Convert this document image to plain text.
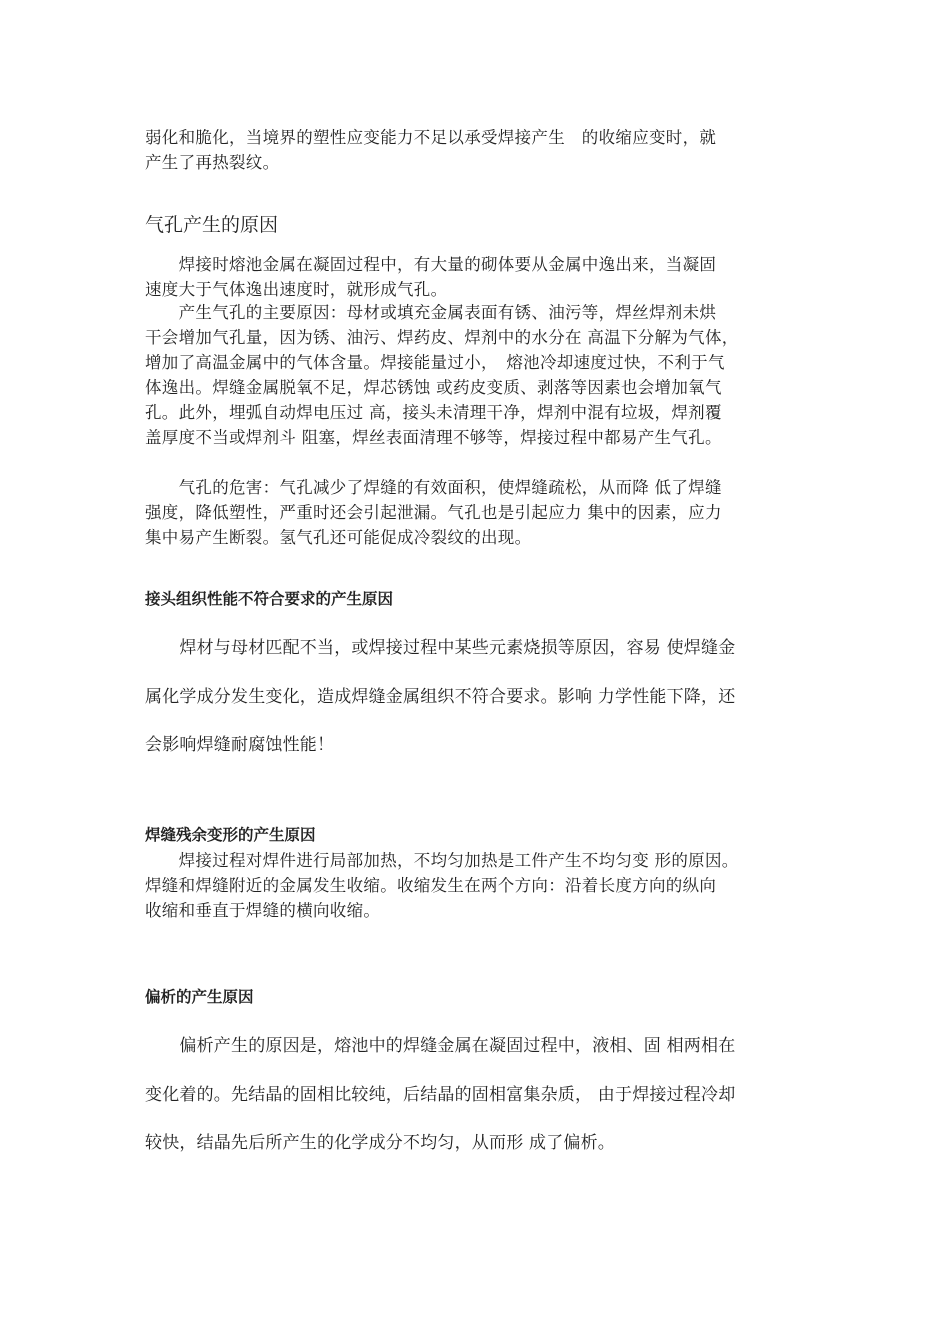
弱化和脆化，当境界的塑性应变能力不足以承受焊接产生　的收缩应变时，就
产生了再热裂纹。

气孔产生的原因

　　焊接时熔池金属在凝固过程中，有大量的砌体要从金属中逸出来，当凝固
速度大于气体逸出速度时，就形成气孔。

　　产生气孔的主要原因：母材或填充金属表面有锈、油污等，焊丝焊剂未烘
干会增加气孔量，因为锈、油污、焊药皮、焊剂中的水分在 高温下分解为气体，
增加了高温金属中的气体含量。焊接能量过小，　熔池冷却速度过快，不利于气
体逸出。焊缝金属脱氧不足，焊芯锈蚀 或药皮变质、剥落等因素也会增加氧气
孔。此外，埋弧自动焊电压过 高，接头未清理干净，焊剂中混有垃圾，焊剂覆
盖厚度不当或焊剂斗 阻塞，焊丝表面清理不够等，焊接过程中都易产生气孔。

　　气孔的危害：气孔减少了焊缝的有效面积，使焊缝疏松，从而降 低了焊缝
强度，降低塑性，严重时还会引起泄漏。气孔也是引起应力 集中的因素，应力
集中易产生断裂。氢气孔还可能促成冷裂纹的出现。

接头组织性能不符合要求的产生原因

　　焊材与母材匹配不当，或焊接过程中某些元素烧损等原因，容易 使焊缝金
属化学成分发生变化，造成焊缝金属组织不符合要求。影响 力学性能下降，还
会影响焊缝耐腐蚀性能！

焊缝残余变形的产生原因

　　焊接过程对焊件进行局部加热，不均匀加热是工件产生不均匀变 形的原因。
焊缝和焊缝附近的金属发生收缩。收缩发生在两个方向：沿着长度方向的纵向
收缩和垂直于焊缝的横向收缩。

偏析的产生原因

　　偏析产生的原因是，熔池中的焊缝金属在凝固过程中，液相、固 相两相在
变化着的。先结晶的固相比较纯，后结晶的固相富集杂质， 由于焊接过程冷却
较快，结晶先后所产生的化学成分不均匀，从而形 成了偏析。
